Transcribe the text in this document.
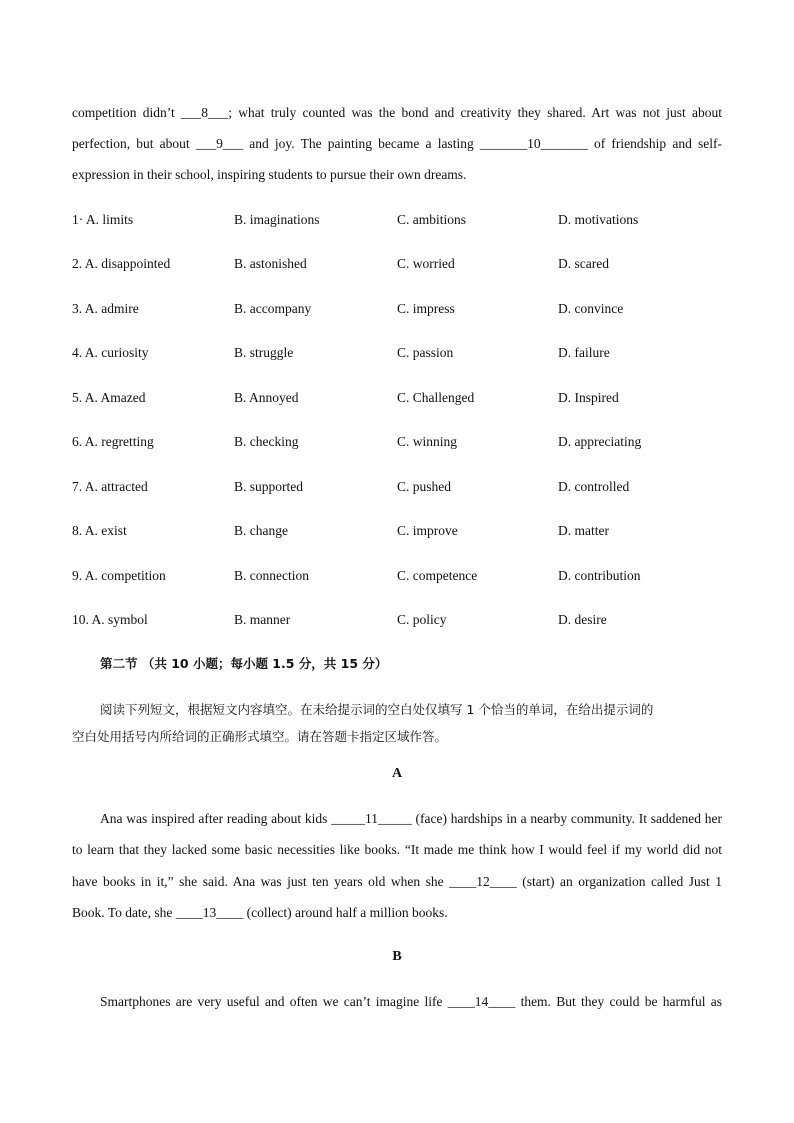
competition didn’t ___8___; what truly counted was the bond and creativity they shared. Art was not just about
perfection, but about ___9___ and joy. The painting became a lasting _______10_______ of friendship and self-
expression in their school, inspiring students to pursue their own dreams.
1· A. limits	B. imaginations	C. ambitions	D. motivations
2. A. disappointed	B. astonished	C. worried	D. scared
3. A. admire	B. accompany	C. impress	D. convince
4. A. curiosity	B. struggle	C. passion	D. failure
5. A. Amazed	B. Annoyed	C. Challenged	D. Inspired
6. A. regretting	B. checking	C. winning	D. appreciating
7. A. attracted	B. supported	C. pushed	D. controlled
8. A. exist	B. change	C. improve	D. matter
9. A. competition	B. connection	C. competence	D. contribution
10. A. symbol	B. manner	C. policy	D. desire
第二节 （共 10 小题；每小题 1.5 分，共 15 分）
阅读下列短文，根据短文内容填空。在未给提示词的空白处仅填写 1 个恰当的单词，在给出提示词的
空白处用括号内所给词的正确形式填空。请在答题卡指定区域作答。
A
Ana was inspired after reading about kids _____11_____ (face) hardships in a nearby community. It saddened her
to learn that they lacked some basic necessities like books. “It made me think how I would feel if my world did not
have books in it,” she said. Ana was just ten years old when she ____12____ (start) an organization called Just 1
Book. To date, she ____13____ (collect) around half a million books.
B
Smartphones are very useful and often we can’t imagine life ____14____ them. But they could be harmful as
